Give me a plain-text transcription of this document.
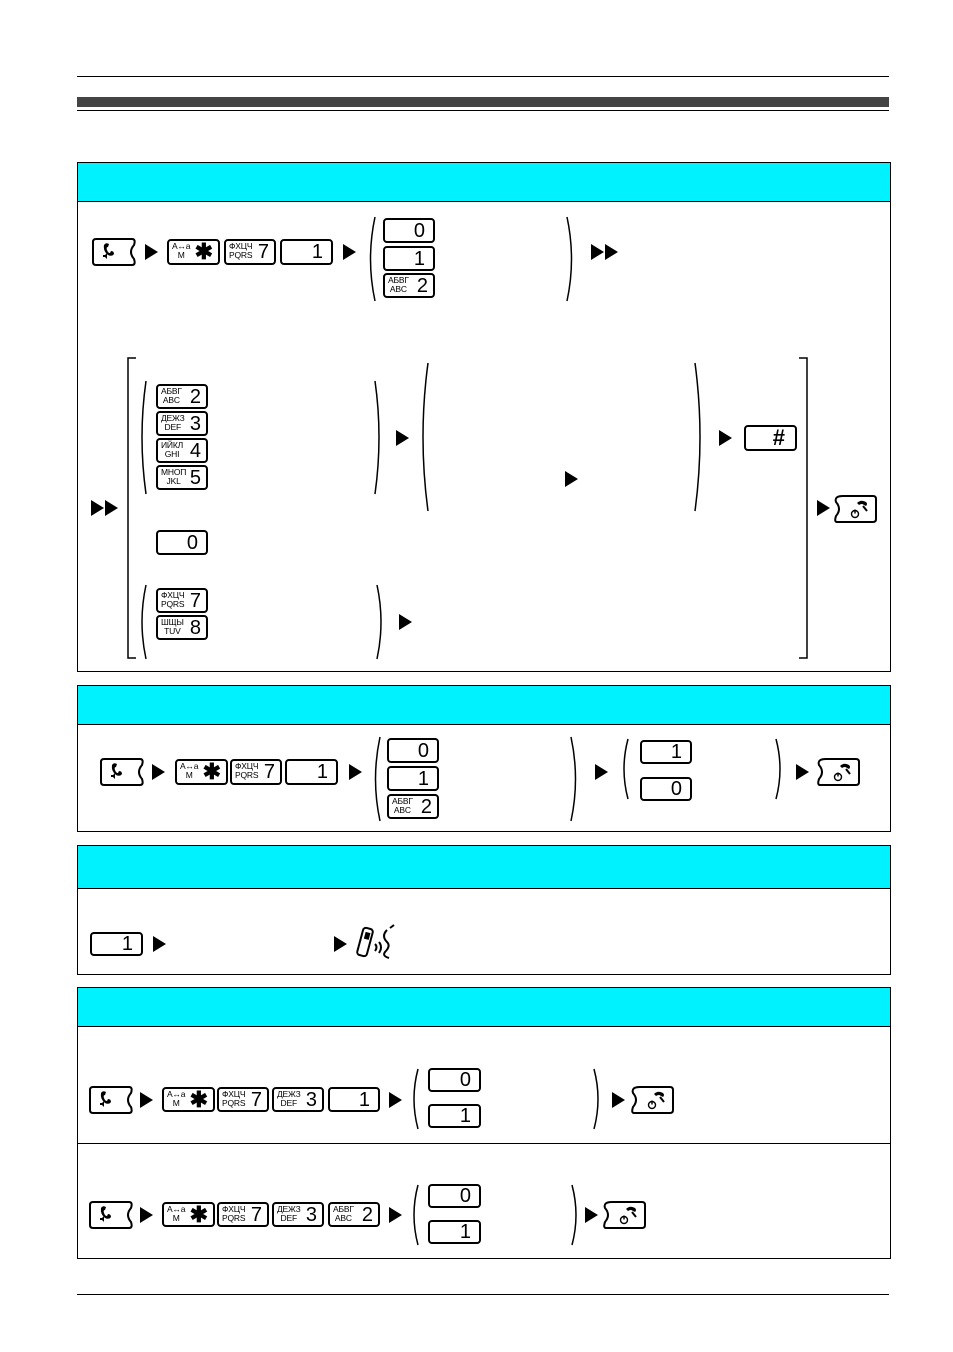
А↔а
M ✱ ФХЦЧ
PQRS 7 1
0
1
АБВГ
ABC 2
АБВГ
ABC 2
ДЕЖЗ
DEF 3
ИЙКЛ
GHI 4
МНОП
JKL 5
#
0
ФХЦЧ
PQRS 7
ШЩЫ
TUV 8
А↔а
M ✱ ФХЦЧ
PQRS 7 1
0
1
АБВГ
ABC 2
1
0
1
А↔а
M ✱ ФХЦЧ
PQRS 7 ДЕЖЗ
DEF 3 1
0
1
А↔а
M ✱ ФХЦЧ
PQRS 7 ДЕЖЗ
DEF 3 АБВГ
ABC 2
0
1
